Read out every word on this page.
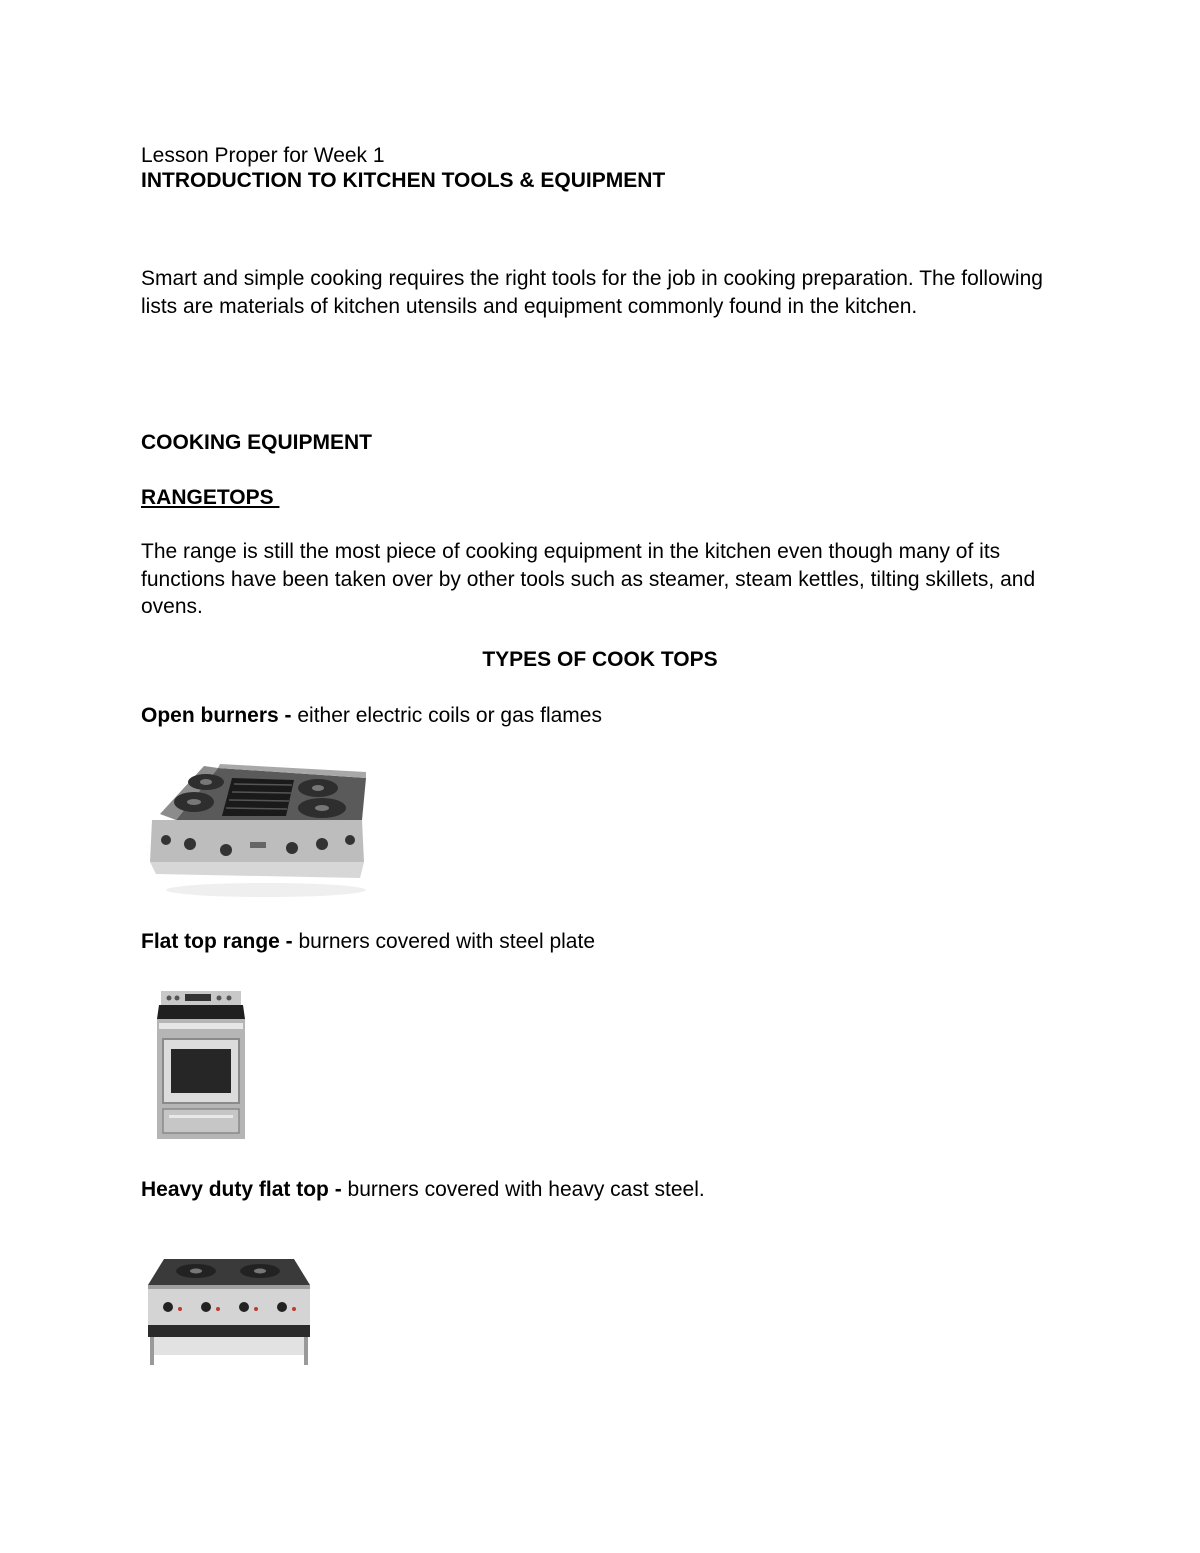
Lesson Proper for Week 1

INTRODUCTION TO KITCHEN TOOLS & EQUIPMENT

Smart and simple cooking requires the right tools for the job in cooking preparation. The following lists are materials of kitchen utensils and equipment commonly found in the kitchen.

COOKING EQUIPMENT

RANGETOPS

The range is still the most piece of cooking equipment in the kitchen even though many of its functions have been taken over by other tools such as steamer, steam kettles, tilting skillets, and ovens.

TYPES OF COOK TOPS

Open burners - either electric coils or gas flames

Flat top range - burners covered with steel plate

Heavy duty flat top - burners covered with heavy cast steel.
